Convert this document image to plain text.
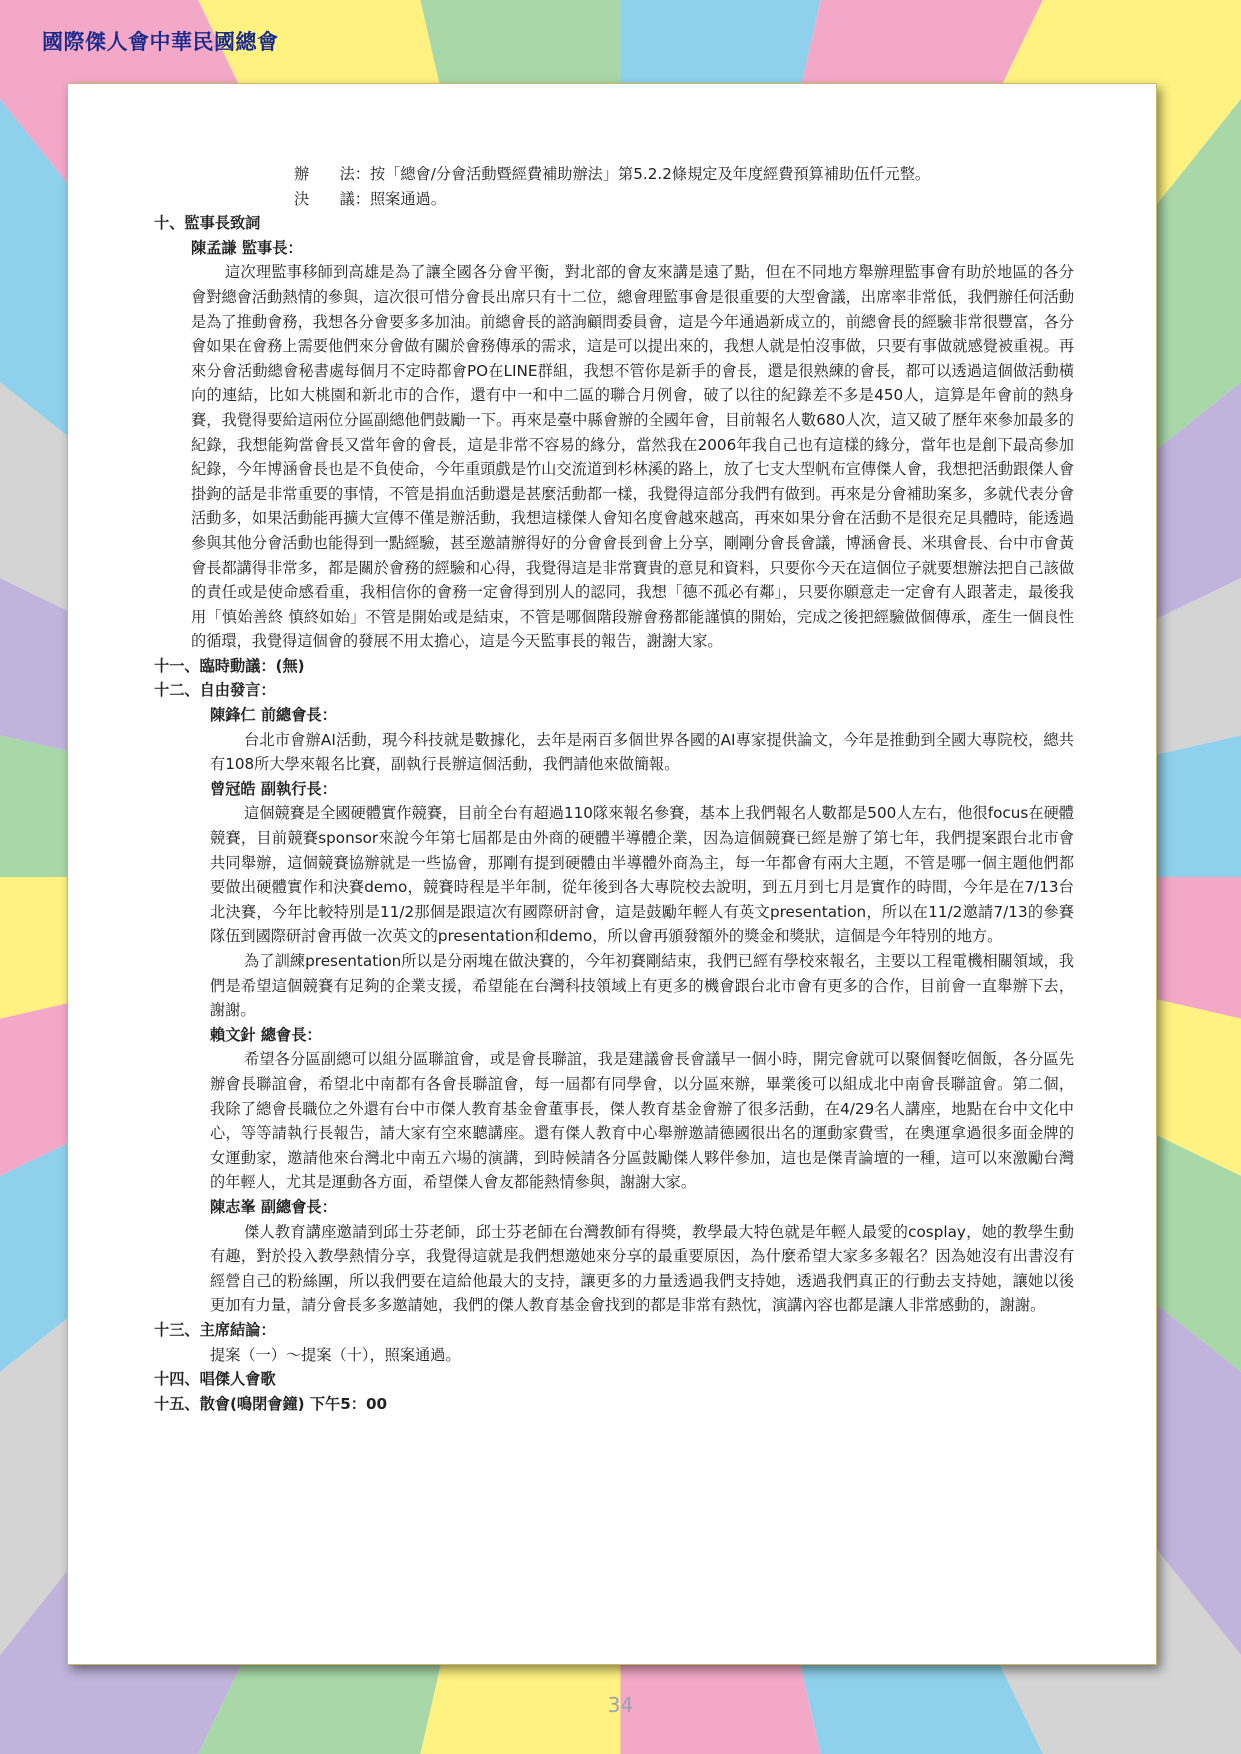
國際傑人會中華民國總會

辦　　法：按「總會/分會活動暨經費補助辦法」第5.2.2條規定及年度經費預算補助伍仟元整。

決　　議：照案通過。

十、監事長致詞

陳孟謙 監事長：

這次理監事移師到高雄是為了讓全國各分會平衡，對北部的會友來講是遠了點，但在不同地方舉辦理監事會有助於地區的各分會對總會活動熱情的參與，這次很可惜分會長出席只有十二位，總會理監事會是很重要的大型會議，出席率非常低，我們辦任何活動是為了推動會務，我想各分會要多多加油。前總會長的諮詢顧問委員會，這是今年通過新成立的，前總會長的經驗非常很豐富，各分會如果在會務上需要他們來分會做有關於會務傳承的需求，這是可以提出來的，我想人就是怕沒事做，只要有事做就感覺被重視。再來分會活動總會秘書處每個月不定時都會PO在LINE群組，我想不管你是新手的會長，還是很熟練的會長，都可以透過這個做活動橫向的連結，比如大桃園和新北市的合作，還有中一和中二區的聯合月例會，破了以往的紀錄差不多是450人，這算是年會前的熱身賽，我覺得要給這兩位分區副總他們鼓勵一下。再來是臺中縣會辦的全國年會，目前報名人數680人次，這又破了歷年來參加最多的紀錄，我想能夠當會長又當年會的會長，這是非常不容易的緣分，當然我在2006年我自己也有這樣的緣分，當年也是創下最高參加紀錄，今年博涵會長也是不負使命，今年重頭戲是竹山交流道到杉林溪的路上，放了七支大型帆布宣傳傑人會，我想把活動跟傑人會掛鉤的話是非常重要的事情，不管是捐血活動還是甚麼活動都一樣，我覺得這部分我們有做到。再來是分會補助案多，多就代表分會活動多，如果活動能再擴大宣傳不僅是辦活動，我想這樣傑人會知名度會越來越高，再來如果分會在活動不是很充足具體時，能透過參與其他分會活動也能得到一點經驗，甚至邀請辦得好的分會會長到會上分享，剛剛分會長會議，博涵會長、米琪會長、台中市會黃會長都講得非常多，都是關於會務的經驗和心得，我覺得這是非常寶貴的意見和資料，只要你今天在這個位子就要想辦法把自己該做的責任或是使命感看重，我相信你的會務一定會得到別人的認同，我想「德不孤必有鄰」，只要你願意走一定會有人跟著走，最後我用「慎始善終 慎終如始」不管是開始或是結束，不管是哪個階段辦會務都能謹慎的開始，完成之後把經驗做個傳承，產生一個良性的循環，我覺得這個會的發展不用太擔心，這是今天監事長的報告，謝謝大家。

十一、臨時動議：(無)

十二、自由發言：

陳鋒仁 前總會長：

台北市會辦AI活動，現今科技就是數據化，去年是兩百多個世界各國的AI專家提供論文，今年是推動到全國大專院校，總共有108所大學來報名比賽，副執行長辦這個活動，我們請他來做簡報。

曾冠皓 副執行長：

這個競賽是全國硬體實作競賽，目前全台有超過110隊來報名參賽，基本上我們報名人數都是500人左右，他很focus在硬體競賽，目前競賽sponsor來說今年第七屆都是由外商的硬體半導體企業，因為這個競賽已經是辦了第七年，我們提案跟台北市會共同舉辦，這個競賽協辦就是一些協會，那剛有提到硬體由半導體外商為主，每一年都會有兩大主題，不管是哪一個主題他們都要做出硬體實作和決賽demo，競賽時程是半年制，從年後到各大專院校去說明，到五月到七月是實作的時間，今年是在7/13台北決賽，今年比較特別是11/2那個是跟這次有國際研討會，這是鼓勵年輕人有英文presentation，所以在11/2邀請7/13的參賽隊伍到國際研討會再做一次英文的presentation和demo，所以會再頒發額外的獎金和獎狀，這個是今年特別的地方。

為了訓練presentation所以是分兩塊在做決賽的，今年初賽剛結束，我們已經有學校來報名，主要以工程電機相關領域，我們是希望這個競賽有足夠的企業支援，希望能在台灣科技領域上有更多的機會跟台北市會有更多的合作，目前會一直舉辦下去，謝謝。

賴文針 總會長：

希望各分區副總可以組分區聯誼會，或是會長聯誼，我是建議會長會議早一個小時，開完會就可以聚個餐吃個飯，各分區先辦會長聯誼會，希望北中南都有各會長聯誼會，每一屆都有同學會，以分區來辦，畢業後可以組成北中南會長聯誼會。第二個，我除了總會長職位之外還有台中市傑人教育基金會董事長，傑人教育基金會辦了很多活動，在4/29名人講座，地點在台中文化中心，等等請執行長報告，請大家有空來聽講座。還有傑人教育中心舉辦邀請德國很出名的運動家費雪，在奧運拿過很多面金牌的女運動家，邀請他來台灣北中南五六場的演講，到時候請各分區鼓勵傑人夥伴參加，這也是傑青論壇的一種，這可以來激勵台灣的年輕人，尤其是運動各方面，希望傑人會友都能熱情參與，謝謝大家。

陳志峯 副總會長：

傑人教育講座邀請到邱士芬老師，邱士芬老師在台灣教師有得獎，教學最大特色就是年輕人最愛的cosplay，她的教學生動有趣，對於投入教學熱情分享，我覺得這就是我們想邀她來分享的最重要原因，為什麼希望大家多多報名？因為她沒有出書沒有經營自己的粉絲團，所以我們要在這給他最大的支持，讓更多的力量透過我們支持她，透過我們真正的行動去支持她，讓她以後更加有力量，請分會長多多邀請她，我們的傑人教育基金會找到的都是非常有熱忱，演講內容也都是讓人非常感動的，謝謝。

十三、主席結論：

提案（一）～提案（十），照案通過。

十四、唱傑人會歌

十五、散會(鳴閉會鐘) 下午5：00

34
